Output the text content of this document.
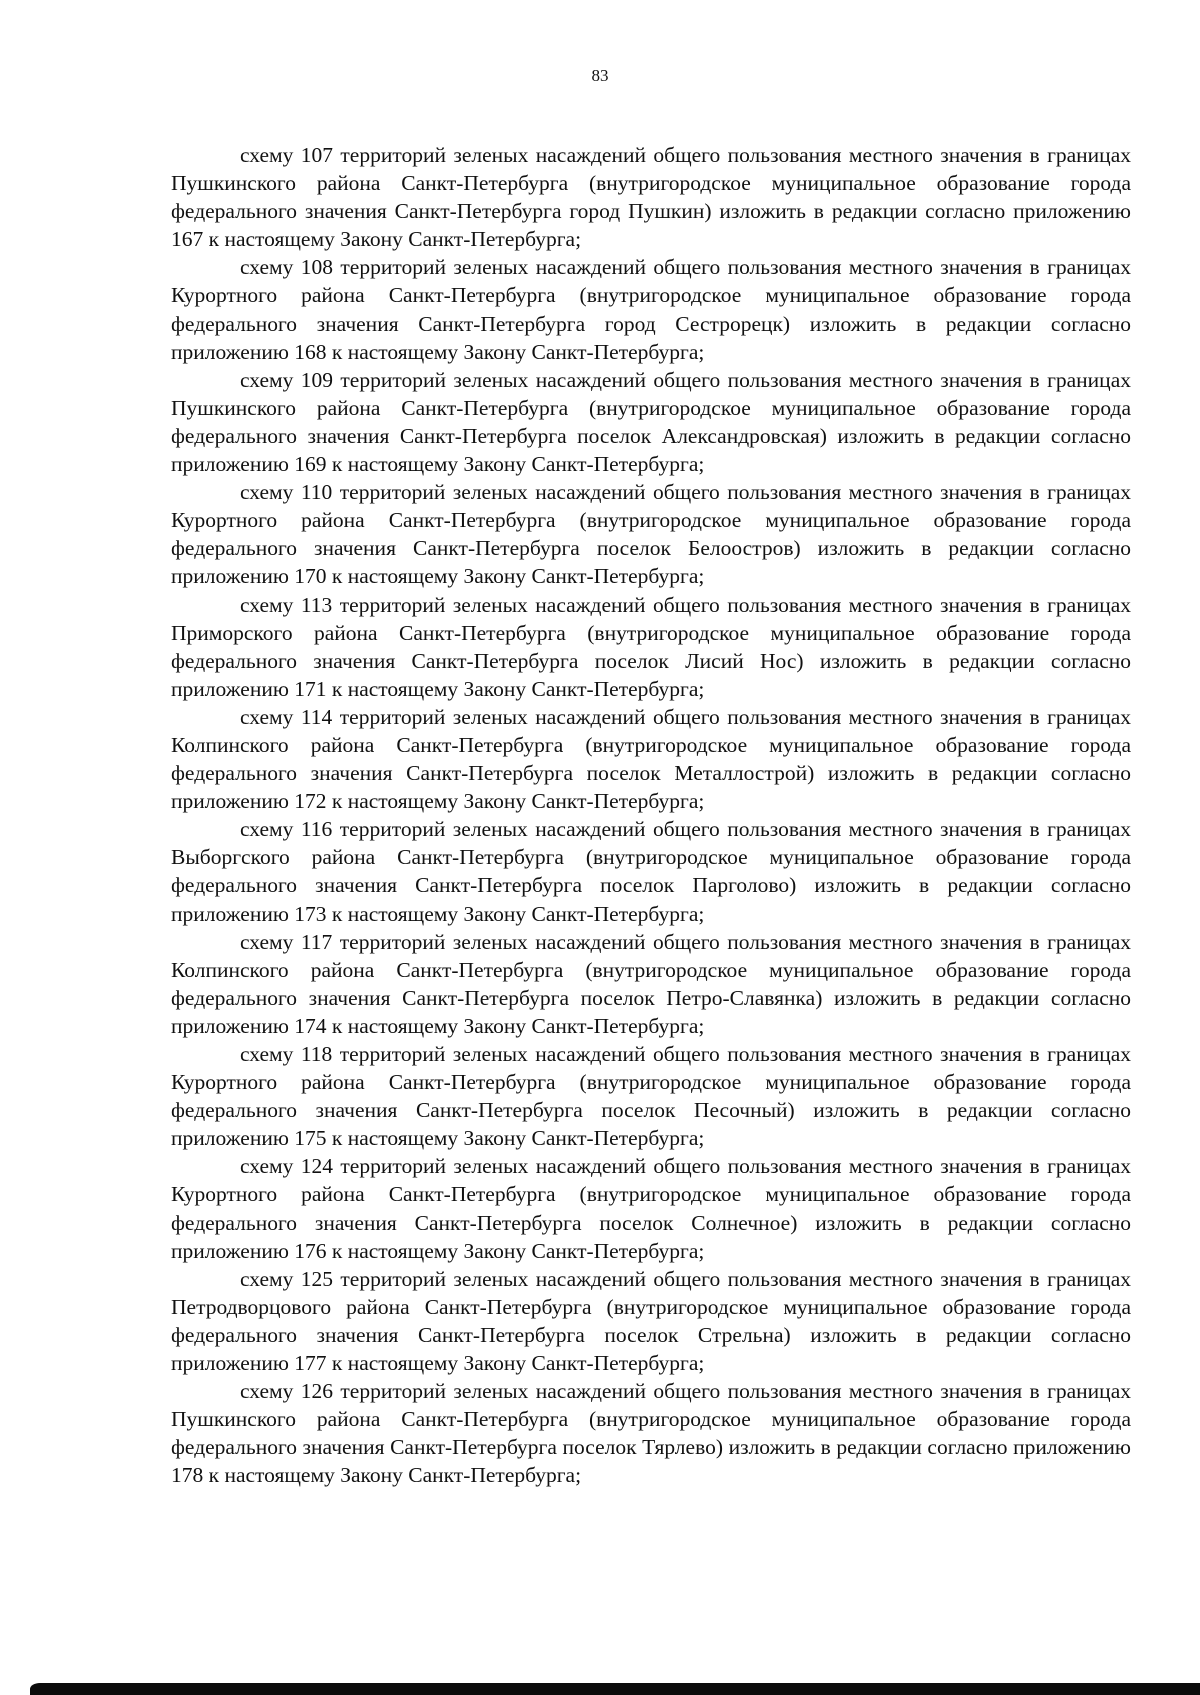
83

схему 107 территорий зеленых насаждений общего пользования местного значения в границах Пушкинского района Санкт-Петербурга (внутригородское муниципальное образование города федерального значения Санкт-Петербурга город Пушкин) изложить в редакции согласно приложению 167 к настоящему Закону Санкт-Петербурга;

схему 108 территорий зеленых насаждений общего пользования местного значения в границах Курортного района Санкт-Петербурга (внутригородское муниципальное образование города федерального значения Санкт-Петербурга город Сестрорецк) изложить в редакции согласно приложению 168 к настоящему Закону Санкт-Петербурга;

схему 109 территорий зеленых насаждений общего пользования местного значения в границах Пушкинского района Санкт-Петербурга (внутригородское муниципальное образование города федерального значения Санкт-Петербурга поселок Александровская) изложить в редакции согласно приложению 169 к настоящему Закону Санкт-Петербурга;

схему 110 территорий зеленых насаждений общего пользования местного значения в границах Курортного района Санкт-Петербурга (внутригородское муниципальное образование города федерального значения Санкт-Петербурга поселок Белоостров) изложить в редакции согласно приложению 170 к настоящему Закону Санкт-Петербурга;

схему 113 территорий зеленых насаждений общего пользования местного значения в границах Приморского района Санкт-Петербурга (внутригородское муниципальное образование города федерального значения Санкт-Петербурга поселок Лисий Нос) изложить в редакции согласно приложению 171 к настоящему Закону Санкт-Петербурга;

схему 114 территорий зеленых насаждений общего пользования местного значения в границах Колпинского района Санкт-Петербурга (внутригородское муниципальное образование города федерального значения Санкт-Петербурга поселок Металлострой) изложить в редакции согласно приложению 172 к настоящему Закону Санкт-Петербурга;

схему 116 территорий зеленых насаждений общего пользования местного значения в границах Выборгского района Санкт-Петербурга (внутригородское муниципальное образование города федерального значения Санкт-Петербурга поселок Парголово) изложить в редакции согласно приложению 173 к настоящему Закону Санкт-Петербурга;

схему 117 территорий зеленых насаждений общего пользования местного значения в границах Колпинского района Санкт-Петербурга (внутригородское муниципальное образование города федерального значения Санкт-Петербурга поселок Петро-Славянка) изложить в редакции согласно приложению 174 к настоящему Закону Санкт-Петербурга;

схему 118 территорий зеленых насаждений общего пользования местного значения в границах Курортного района Санкт-Петербурга (внутригородское муниципальное образование города федерального значения Санкт-Петербурга поселок Песочный) изложить в редакции согласно приложению 175 к настоящему Закону Санкт-Петербурга;

схему 124 территорий зеленых насаждений общего пользования местного значения в границах Курортного района Санкт-Петербурга (внутригородское муниципальное образование города федерального значения Санкт-Петербурга поселок Солнечное) изложить в редакции согласно приложению 176 к настоящему Закону Санкт-Петербурга;

схему 125 территорий зеленых насаждений общего пользования местного значения в границах Петродворцового района Санкт-Петербурга (внутригородское муниципальное образование города федерального значения Санкт-Петербурга поселок Стрельна) изложить в редакции согласно приложению 177 к настоящему Закону Санкт-Петербурга;

схему 126 территорий зеленых насаждений общего пользования местного значения в границах Пушкинского района Санкт-Петербурга (внутригородское муниципальное образование города федерального значения Санкт-Петербурга поселок Тярлево) изложить в редакции согласно приложению 178 к настоящему Закону Санкт-Петербурга;
